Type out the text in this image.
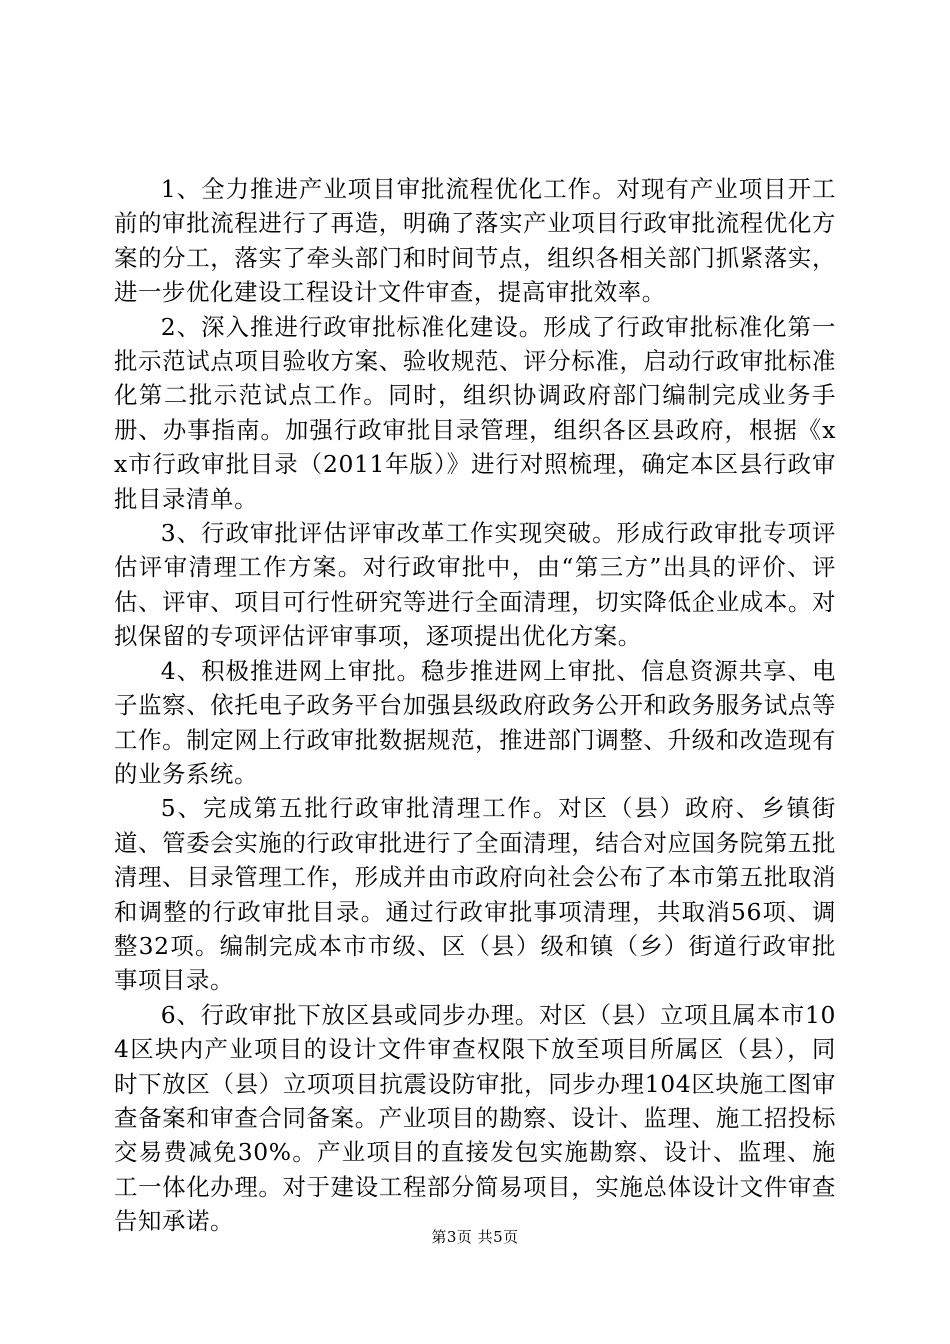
1、全力推进产业项目审批流程优化工作。对现有产业项目开工前的审批流程进行了再造，明确了落实产业项目行政审批流程优化方案的分工，落实了牵头部门和时间节点，组织各相关部门抓紧落实，进一步优化建设工程设计文件审查，提高审批效率。

2、深入推进行政审批标准化建设。形成了行政审批标准化第一批示范试点项目验收方案、验收规范、评分标准，启动行政审批标准化第二批示范试点工作。同时，组织协调政府部门编制完成业务手册、办事指南。加强行政审批目录管理，组织各区县政府，根据《xx市行政审批目录（2011年版）》进行对照梳理，确定本区县行政审批目录清单。

3、行政审批评估评审改革工作实现突破。形成行政审批专项评估评审清理工作方案。对行政审批中，由“第三方”出具的评价、评估、评审、项目可行性研究等进行全面清理，切实降低企业成本。对拟保留的专项评估评审事项，逐项提出优化方案。

4、积极推进网上审批。稳步推进网上审批、信息资源共享、电子监察、依托电子政务平台加强县级政府政务公开和政务服务试点等工作。制定网上行政审批数据规范，推进部门调整、升级和改造现有的业务系统。

5、完成第五批行政审批清理工作。对区（县）政府、乡镇街道、管委会实施的行政审批进行了全面清理，结合对应国务院第五批清理、目录管理工作，形成并由市政府向社会公布了本市第五批取消和调整的行政审批目录。通过行政审批事项清理，共取消56项、调整32项。编制完成本市市级、区（县）级和镇（乡）街道行政审批事项目录。

6、行政审批下放区县或同步办理。对区（县）立项且属本市104区块内产业项目的设计文件审查权限下放至项目所属区（县），同时下放区（县）立项项目抗震设防审批，同步办理104区块施工图审查备案和审查合同备案。产业项目的勘察、设计、监理、施工招投标交易费减免30%。产业项目的直接发包实施勘察、设计、监理、施工一体化办理。对于建设工程部分简易项目，实施总体设计文件审查告知承诺。

第3页 共5页
